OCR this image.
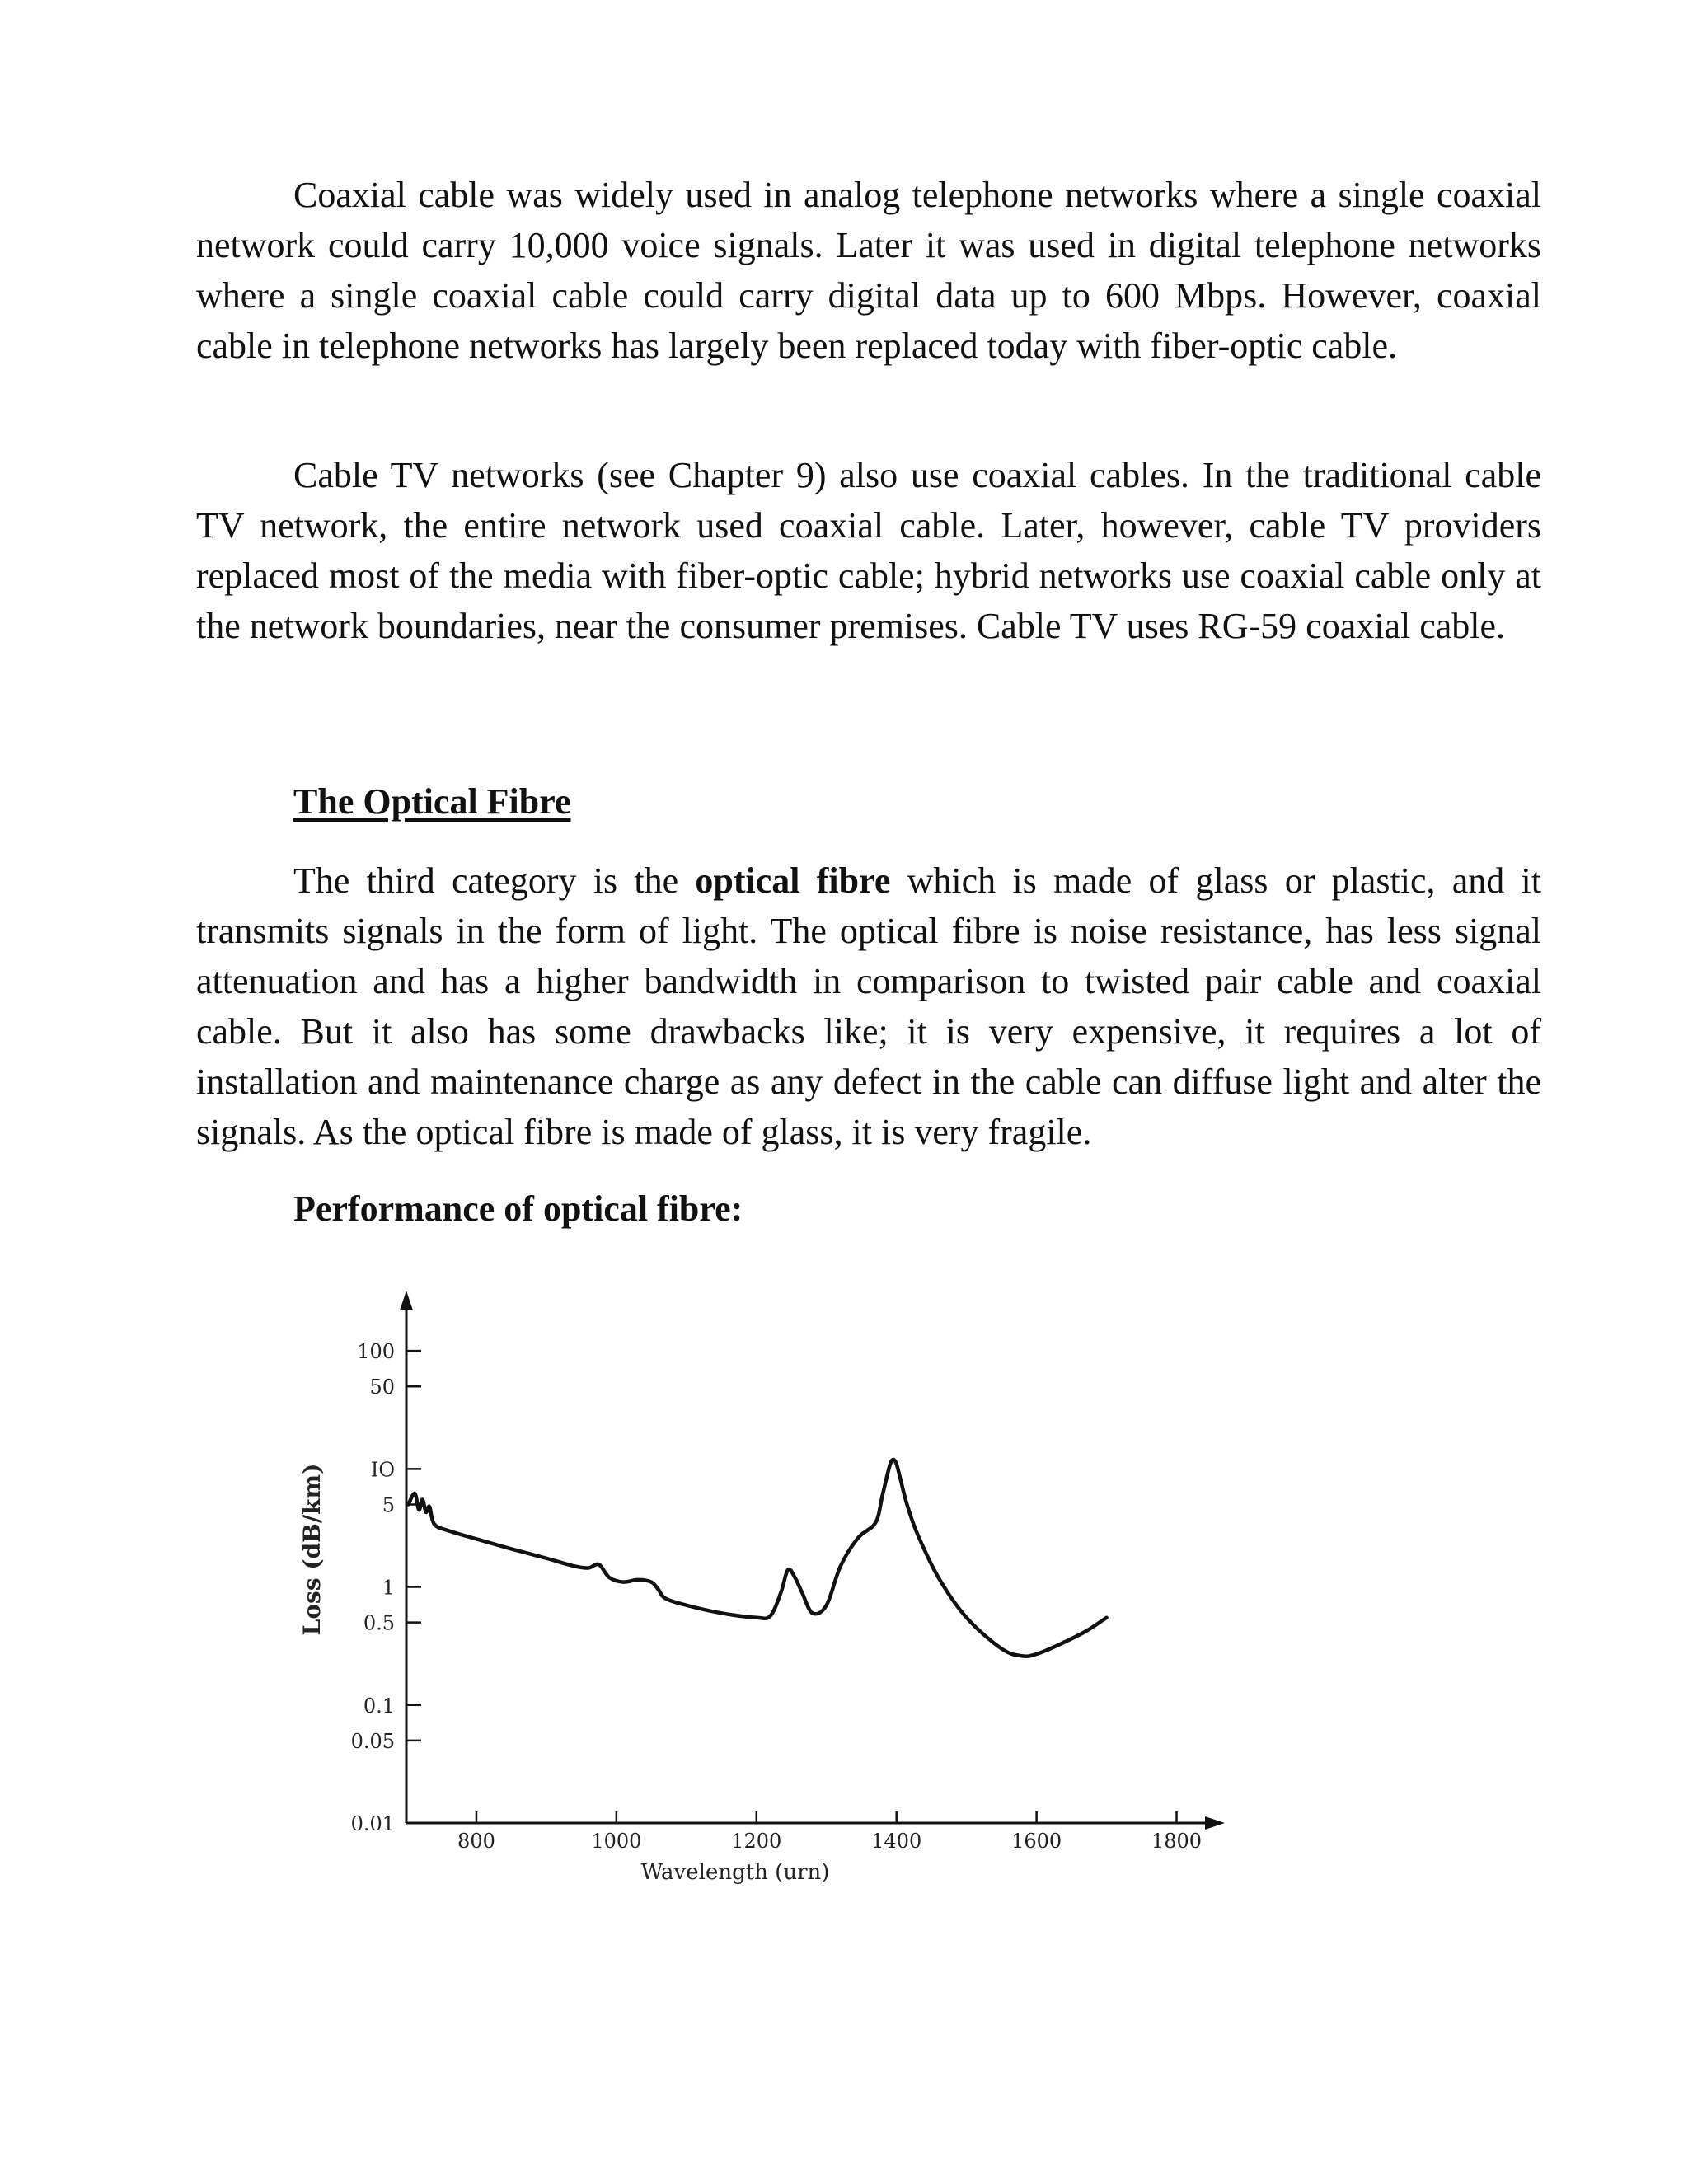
Coaxial cable was widely used in analog telephone networks where a single coaxial network could carry 10,000 voice signals. Later it was used in digital telephone networks where a single coaxial cable could carry digital data up to 600 Mbps. However, coaxial cable in telephone networks has largely been replaced today with fiber-optic cable.

Cable TV networks (see Chapter 9) also use coaxial cables. In the traditional cable TV network, the entire network used coaxial cable. Later, however, cable TV providers replaced most of the media with fiber-optic cable; hybrid networks use coaxial cable only at the network boundaries, near the consumer premises. Cable TV uses RG-59 coaxial cable.

The Optical Fibre

The third category is the optical fibre which is made of glass or plastic, and it transmits signals in the form of light. The optical fibre is noise resistance, has less signal attenuation and has a higher bandwidth in comparison to twisted pair cable and coaxial cable. But it also has some drawbacks like; it is very expensive, it requires a lot of installation and maintenance charge as any defect in the cable can diffuse light and alter the signals. As the optical fibre is made of glass, it is very fragile.

Performance of optical fibre:
100
50
IO
5
1
0.5
0.1
0.05
0.01
800	1000	1200	1400	1600	1800
Wavelength (urn)
Loss (dB/km)
